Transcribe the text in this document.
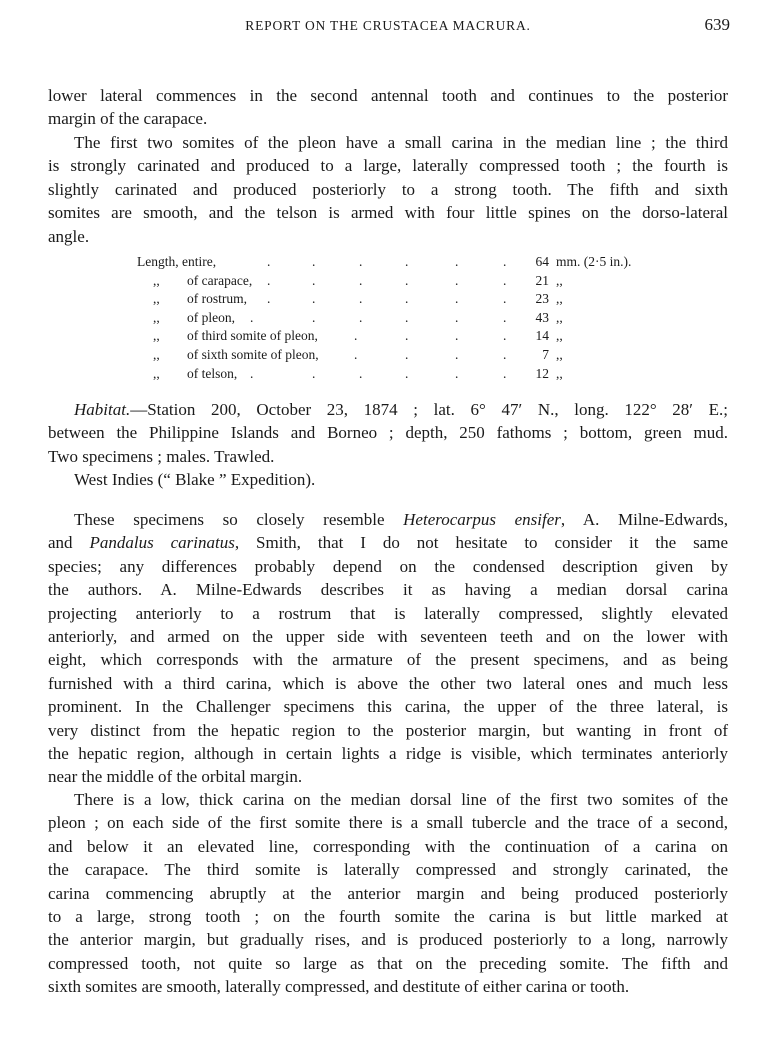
REPORT ON THE CRUSTACEA MACRURA.	639
lower lateral commences in the second antennal tooth and continues to the posterior
margin of the carapace.
The first two somites of the pleon have a small carina in the median line ; the third
is strongly carinated and produced to a large, laterally compressed tooth ; the fourth is
slightly carinated and produced posteriorly to a strong tooth. The fifth and sixth
somites are smooth, and the telson is armed with four little spines on the dorso-lateral
angle.
Habitat.—Station 200, October 23, 1874 ; lat. 6° 47′ N., long. 122° 28′ E.;
between the Philippine Islands and Borneo ; depth, 250 fathoms ; bottom, green mud.
Two specimens ; males. Trawled.
West Indies (“ Blake ” Expedition).
These specimens so closely resemble Heterocarpus ensifer, A. Milne-Edwards,
and Pandalus carinatus, Smith, that I do not hesitate to consider it the same
species; any differences probably depend on the condensed description given by
the authors. A. Milne-Edwards describes it as having a median dorsal carina
projecting anteriorly to a rostrum that is laterally compressed, slightly elevated
anteriorly, and armed on the upper side with seventeen teeth and on the lower with
eight, which corresponds with the armature of the present specimens, and as being
furnished with a third carina, which is above the other two lateral ones and much less
prominent. In the Challenger specimens this carina, the upper of the three lateral, is
very distinct from the hepatic region to the posterior margin, but wanting in front of
the hepatic region, although in certain lights a ridge is visible, which terminates anteriorly
near the middle of the orbital margin.
There is a low, thick carina on the median dorsal line of the first two somites of the
pleon ; on each side of the first somite there is a small tubercle and the trace of a second,
and below it an elevated line, corresponding with the continuation of a carina on
the carapace. The third somite is laterally compressed and strongly carinated, the
carina commencing abruptly at the anterior margin and being produced posteriorly
to a large, strong tooth ; on the fourth somite the carina is but little marked at
the anterior margin, but gradually rises, and is produced posteriorly to a long, narrowly
compressed tooth, not quite so large as that on the preceding somite. The fifth and
sixth somites are smooth, laterally compressed, and destitute of either carina or tooth.
.	.	.	.	.	.
Length, entire,	64 mm. (2·5 in.).
.	.	.	.	.	.
,, of carapace,	21 ,,
.	.	.	.	.	.
,, of rostrum,	23 ,,
.	.	.	.	.	.
,, of pleon,	43 ,,
.	.	.	.
,, of third somite of pleon,	14 ,,
.	.	.	.
,, of sixth somite of pleon,	7 ,,
.	.	.	.	.	.
,, of telson,	12 ,,
